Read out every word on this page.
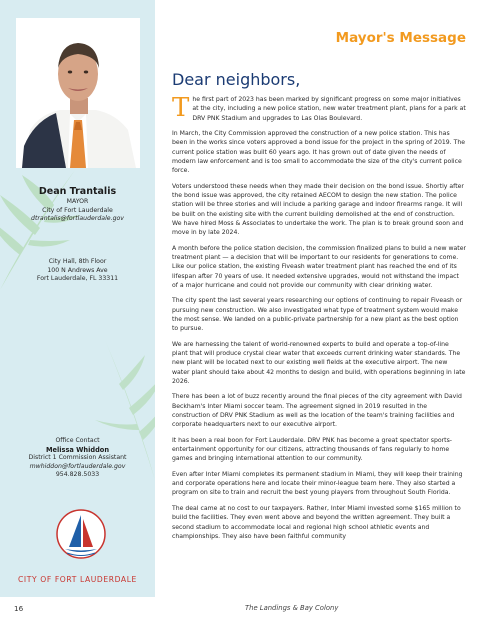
Dean Trantalis
MAYOR
City of Fort Lauderdale
dtrantalis@fortlauderdale.gov
City Hall, 8th Floor
100 N Andrews Ave
Fort Lauderdale, FL 33311
Office Contact
Melissa Whiddon
District 1 Commission Assistant
mwhiddon@fortlauderdale.gov
954.828.5033
CITY OF FORT LAUDERDALE
16	The Landings & Bay Colony
Mayor's Message
Dear neighbors,

The first part of 2023 has been marked by significant progress on some major initiatives at the city, including a new police station, new water treatment plant, plans for a park at DRV PNK Stadium and upgrades to Las Olas Boulevard.

In March, the City Commission approved the construction of a new police station. This has been in the works since voters approved a bond issue for the project in the spring of 2019. The current police station was built 60 years ago. It has grown out of date given the needs of modern law enforcement and is too small to accommodate the size of the city's current police force.

Voters understood these needs when they made their decision on the bond issue. Shortly after the bond issue was approved, the city retained AECOM to design the new station. The police station will be three stories and will include a parking garage and indoor firearms range. It will be built on the existing site with the current building demolished at the end of construction. We have hired Moss & Associates to undertake the work. The plan is to break ground soon and move in by late 2024.

A month before the police station decision, the commission finalized plans to build a new water treatment plant — a decision that will be important to our residents for generations to come. Like our police station, the existing Fiveash water treatment plant has reached the end of its lifespan after 70 years of use. It needed extensive upgrades, would not withstand the impact of a major hurricane and could not provide our community with clear drinking water.

The city spent the last several years researching our options of continuing to repair Fiveash or pursuing new construction. We also investigated what type of treatment system would make the most sense. We landed on a public-private partnership for a new plant as the best option to pursue.

We are harnessing the talent of world-renowned experts to build and operate a top-of-line plant that will produce crystal clear water that exceeds current drinking water standards. The new plant will be located next to our existing well fields at the executive airport. The new water plant should take about 42 months to design and build, with operations beginning in late 2026.

There has been a lot of buzz recently around the final pieces of the city agreement with David Beckham's Inter Miami soccer team. The agreement signed in 2019 resulted in the construction of DRV PNK Stadium as well as the location of the team's training facilities and corporate headquarters next to our executive airport.

It has been a real boon for Fort Lauderdale. DRV PNK has become a great spectator sports-entertainment opportunity for our citizens, attracting thousands of fans regularly to home games and bringing international attention to our community.

Even after Inter Miami completes its permanent stadium in Miami, they will keep their training and corporate operations here and locate their minor-league team here. They also started a program on site to train and recruit the best young players from throughout South Florida.

The deal came at no cost to our taxpayers. Rather, Inter Miami invested some $165 million to build the facilities. They even went above and beyond the written agreement. They built a second stadium to accommodate local and regional high school athletic events and championships. They also have been faithful community
